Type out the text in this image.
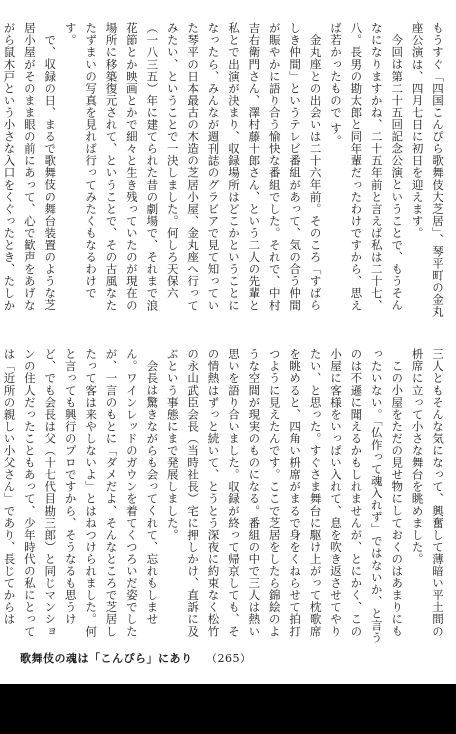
もうすぐ「四国こんぴら歌舞伎大芝居」、琴平町の金丸座公演は、四月七日に初日を迎えます。

今回は第二十五回記念公演ということで、もうそんなになりますかね、二十五年前と言えば私は二十七、八。長男の勘太郎と同年輩だったわけですから、思えば若かったもので す。

金丸座との出会いは二十六年前。そのころ「すばらしき仲間」というテレビ番組があって、気の合う仲間が賑やかに語り合う愉快な番組でした。それで、中村吉右衛門さん、澤村藤十郎さん、という二人の先輩と私とで出演が決まり、収録場所はどこかということになったら、みんなが週刊誌のグラビアで見て知っていた琴平の日本最古の木造の芝居小屋、金丸座へ行ってみたい、ということで一決しました。何しろ天保六（一八三五）年に建てられた昔の劇場で、それまで浪花節とか映画とかで細々と生き残っていたのが現在の場所に移築復元されて、ということで、その古風なたたずまいの写真を見れば行ってみたくもなるわけです。

で、収録の日、まるで歌舞伎の舞台装置のような芝居小屋がそのまま眼の前にあって、心で歓声をあげながら鼠木戸という小さな入口をくぐったとき、たしか

三人ともそんな気になって、興奮して薄暗い平土間の枡席に立って小さな舞台を眺めました。

この小屋をただの見せ物にしておくのはあまりにもったいない。「仏作って魂入れず」ではないか、と言うのは不遜に聞えるかもしれませんが、とにかく、この小屋に客様をいっぱい入れて、息を吹き返させてやりたい、と思った。すぐさま舞台に駆け上がって枕歌席を眺めると、四角い枡席がまるで身をくねらせて拍打つように見えたんです。ここで芝居をしたら錦絵のような空間が現実のものになる。番組の中で三人は熱い思いを語り合いました。収録が終って帰京しても、その情熱はずっと続いて、とうとう深夜に約束なく松竹の永山武臣会長（当時社長）宅に押しかけ、直訴に及ぶという事態にまで発展しました。

会長は驚きながらも会ってくれて、忘れもしません。ワインレッドのガウンを着てくつろいだ姿でしたが、一言のもとに「ダメだよ、そんなところで芝居したって客は来やしないよ」とはねつけられました。何と言っても興行のプロですから、そうなるも思うけど、でも会長は父（十七代目勘三郎）と同じマンションの住人だったこともあって、少年時代の私にとっては「近所の親しい小父さん」であり、長じてからは

歌舞伎の魂は「こんぴら」にあり （265）
